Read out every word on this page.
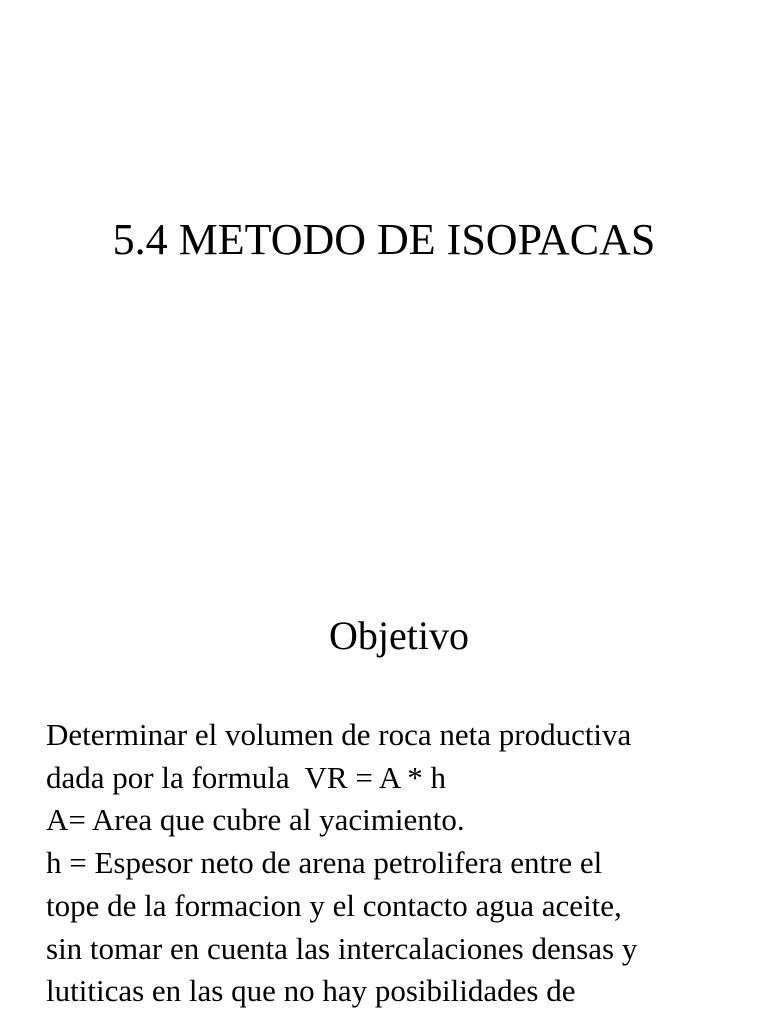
5.4 METODO DE ISOPACAS
Objetivo
Determinar el volumen de roca neta productiva
dada por la formula  VR = A * h
A= Area que cubre al yacimiento.
h = Espesor neto de arena petrolifera entre el
tope de la formacion y el contacto agua aceite,
sin tomar en cuenta las intercalaciones densas y
lutiticas en las que no hay posibilidades de
